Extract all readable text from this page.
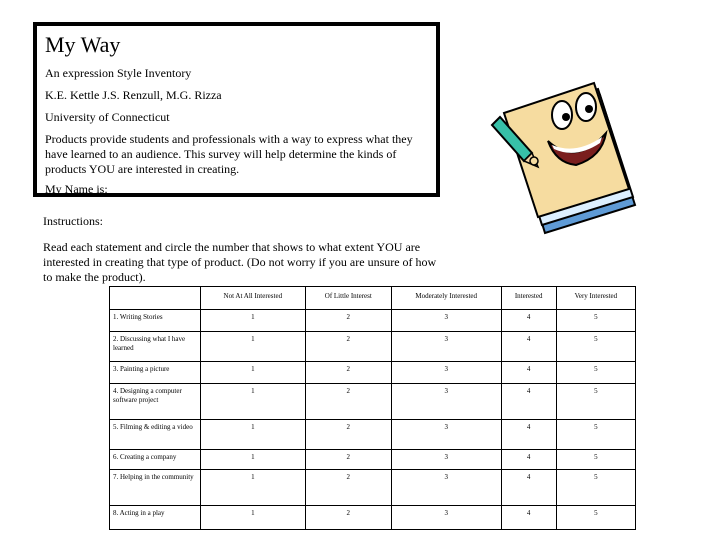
My Way
An expression Style Inventory
K.E. Kettle J.S. Renzull, M.G. Rizza
University of Connecticut
Products provide students and professionals with a way to express what they have learned to an audience. This survey will help determine the kinds of products YOU are interested in creating.
My Name is:
Instructions:
Read each statement and circle the number that shows to what extent YOU are interested in creating that type of product. (Do not worry if you are unsure of how to make the product).
	Not At All Interested	Of Little Interest	Moderately Interested	Interested	Very Interested
1. Writing Stories	1	2	3	4	5
2. Discussing what I have learned	1	2	3	4	5
3. Painting a picture	1	2	3	4	5
4. Designing a computer software project	1	2	3	4	5
5. Filming & editing a video	1	2	3	4	5
6. Creating a company	1	2	3	4	5
7. Helping in the community	1	2	3	4	5
8. Acting in a play	1	2	3	4	5
